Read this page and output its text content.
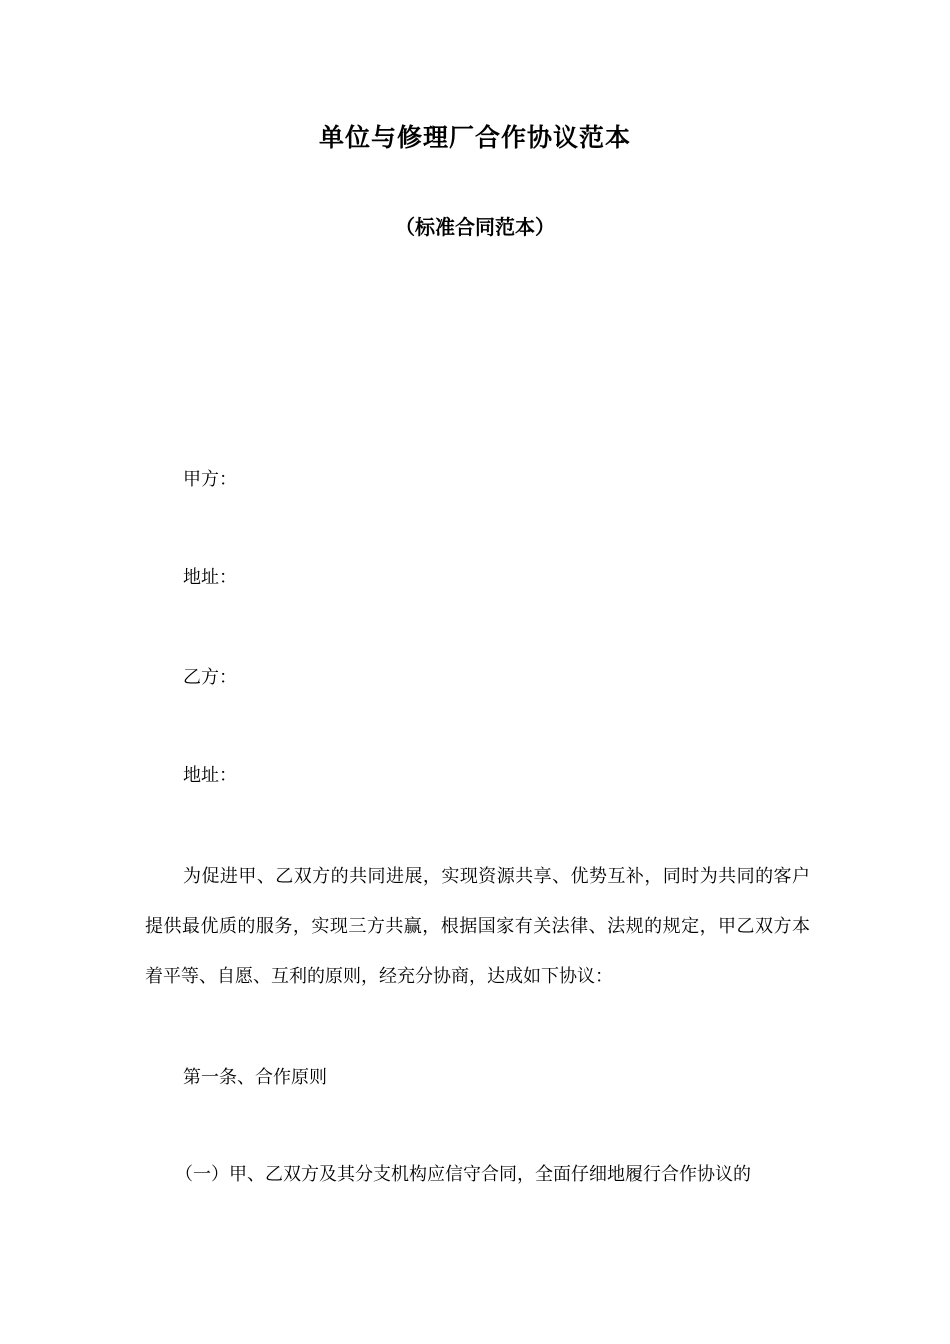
单位与修理厂合作协议范本
（标准合同范本）
甲方：
地址：
乙方：
地址：
为促进甲、乙双方的共同进展，实现资源共享、优势互补，同时为共同的客户提供最优质的服务，实现三方共赢，根据国家有关法律、法规的规定，甲乙双方本着平等、自愿、互利的原则，经充分协商，达成如下协议：
第一条、合作原则
（一）甲、乙双方及其分支机构应信守合同，全面仔细地履行合作协议的
